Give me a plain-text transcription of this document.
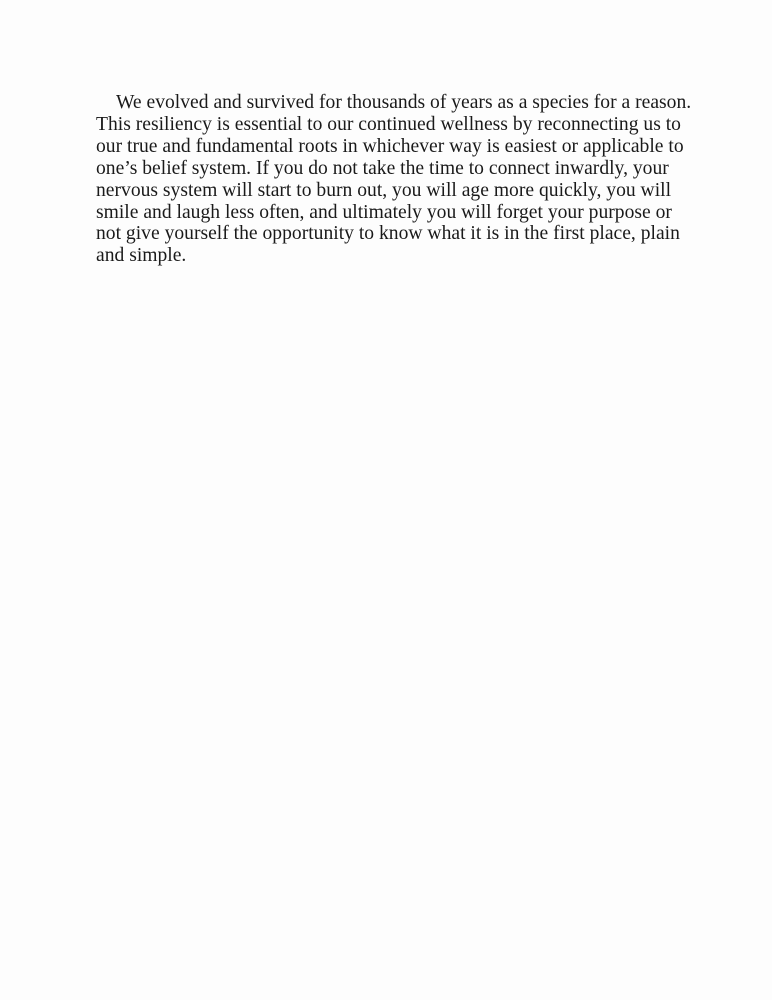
We evolved and survived for thousands of years as a species for a reason.
This resiliency is essential to our continued wellness by reconnecting us to
our true and fundamental roots in whichever way is easiest or applicable to
one’s belief system. If you do not take the time to connect inwardly, your
nervous system will start to burn out, you will age more quickly, you will
smile and laugh less often, and ultimately you will forget your purpose or
not give yourself the opportunity to know what it is in the first place, plain
and simple.
